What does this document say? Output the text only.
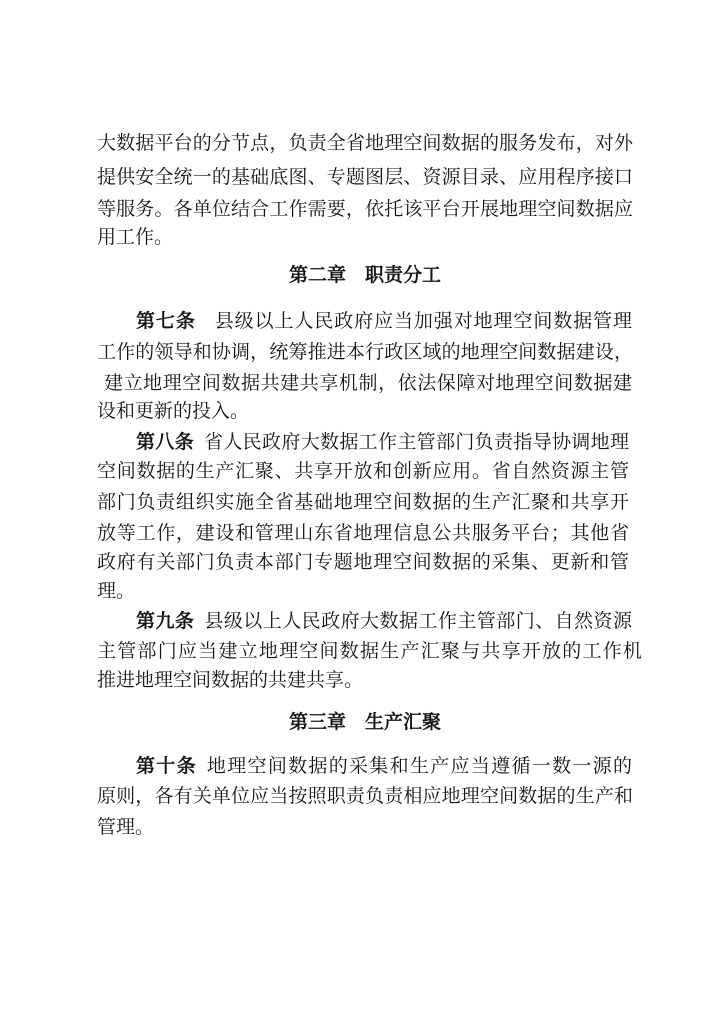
大数据平台的分节点，负责全省地理空间数据的服务发布，对外
提供安全统一的基础底图、专题图层、资源目录、应用程序接口
等服务。各单位结合工作需要，依托该平台开展地理空间数据应
用工作。
第二章　职责分工
第七条 县级以上人民政府应当加强对地理空间数据管理
工作的领导和协调，统筹推进本行政区域的地理空间数据建设，
建立地理空间数据共建共享机制，依法保障对地理空间数据建
设和更新的投入。
第八条 省人民政府大数据工作主管部门负责指导协调地理
空间数据的生产汇聚、共享开放和创新应用。省自然资源主管
部门负责组织实施全省基础地理空间数据的生产汇聚和共享开
放等工作，建设和管理山东省地理信息公共服务平台；其他省
政府有关部门负责本部门专题地理空间数据的采集、更新和管
理。
第九条 县级以上人民政府大数据工作主管部门、自然资源
主管部门应当建立地理空间数据生产汇聚与共享开放的工作机
推进地理空间数据的共建共享。
第三章　生产汇聚
第十条 地理空间数据的采集和生产应当遵循一数一源的
原则，各有关单位应当按照职责负责相应地理空间数据的生产和
管理。
